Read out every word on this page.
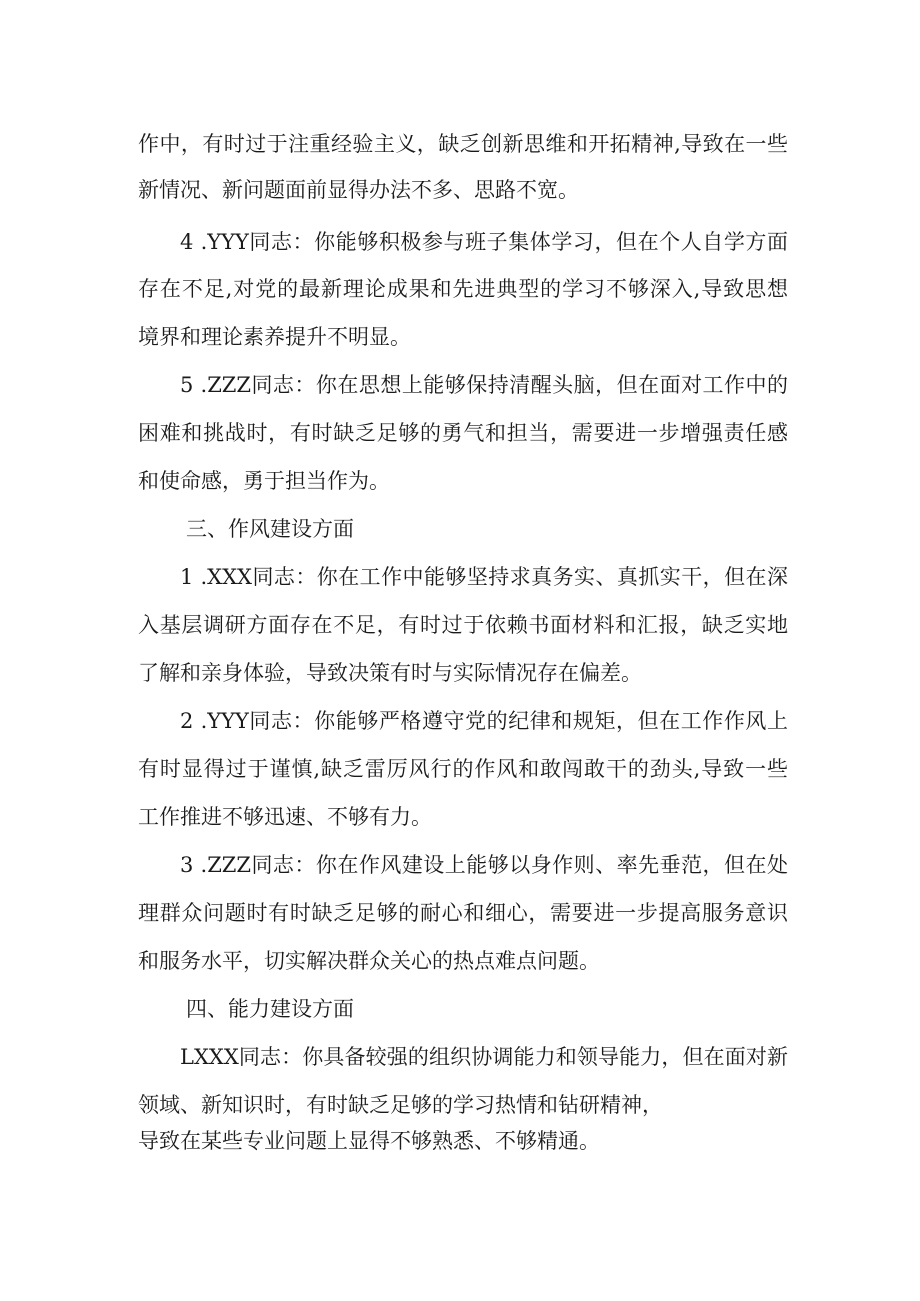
作中，有时过于注重经验主义，缺乏创新思维和开拓精神,导致在一些
新情况、新问题面前显得办法不多、思路不宽。
4 .YYY同志：你能够积极参与班子集体学习，但在个人自学方面
存在不足,对党的最新理论成果和先进典型的学习不够深入,导致思想
境界和理论素养提升不明显。
5 .ZZZ同志：你在思想上能够保持清醒头脑，但在面对工作中的
困难和挑战时，有时缺乏足够的勇气和担当，需要进一步增强责任感
和使命感，勇于担当作为。
三、作风建设方面
1 .XXX同志：你在工作中能够坚持求真务实、真抓实干，但在深
入基层调研方面存在不足，有时过于依赖书面材料和汇报，缺乏实地
了解和亲身体验，导致决策有时与实际情况存在偏差。
2 .YYY同志：你能够严格遵守党的纪律和规矩，但在工作作风上
有时显得过于谨慎,缺乏雷厉风行的作风和敢闯敢干的劲头,导致一些
工作推进不够迅速、不够有力。
3 .ZZZ同志：你在作风建设上能够以身作则、率先垂范，但在处
理群众问题时有时缺乏足够的耐心和细心，需要进一步提高服务意识
和服务水平，切实解决群众关心的热点难点问题。
四、能力建设方面
LXXX同志：你具备较强的组织协调能力和领导能力，但在面对新
领域、新知识时，有时缺乏足够的学习热情和钻研精神，
导致在某些专业问题上显得不够熟悉、不够精通。
